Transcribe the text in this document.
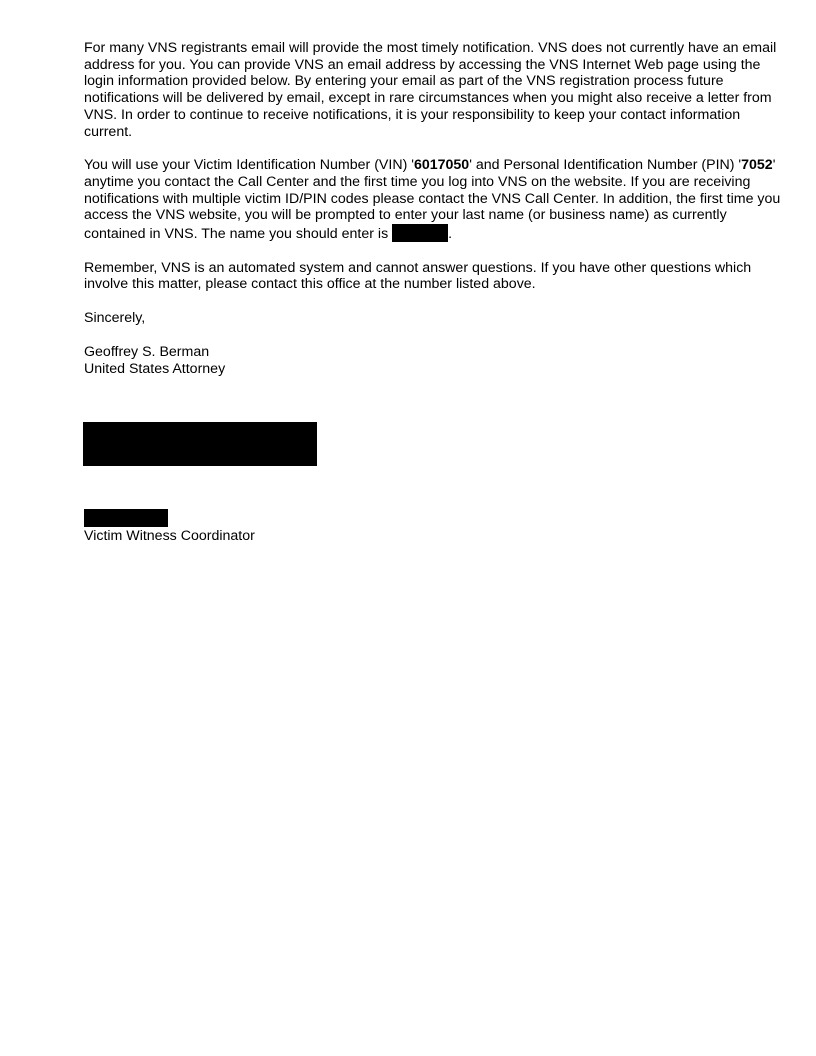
For many VNS registrants email will provide the most timely notification. VNS does not currently have an email address for you. You can provide VNS an email address by accessing the VNS Internet Web page using the login information provided below. By entering your email as part of the VNS registration process future notifications will be delivered by email, except in rare circumstances when you might also receive a letter from VNS. In order to continue to receive notifications, it is your responsibility to keep your contact information current.

You will use your Victim Identification Number (VIN) '6017050' and Personal Identification Number (PIN) '7052' anytime you contact the Call Center and the first time you log into VNS on the website. If you are receiving notifications with multiple victim ID/PIN codes please contact the VNS Call Center. In addition, the first time you access the VNS website, you will be prompted to enter your last name (or business name) as currently contained in VNS. The name you should enter is	.

Remember, VNS is an automated system and cannot answer questions. If you have other questions which involve this matter, please contact this office at the number listed above.

Sincerely,

Geoffrey S. Berman

United States Attorney

Victim Witness Coordinator
